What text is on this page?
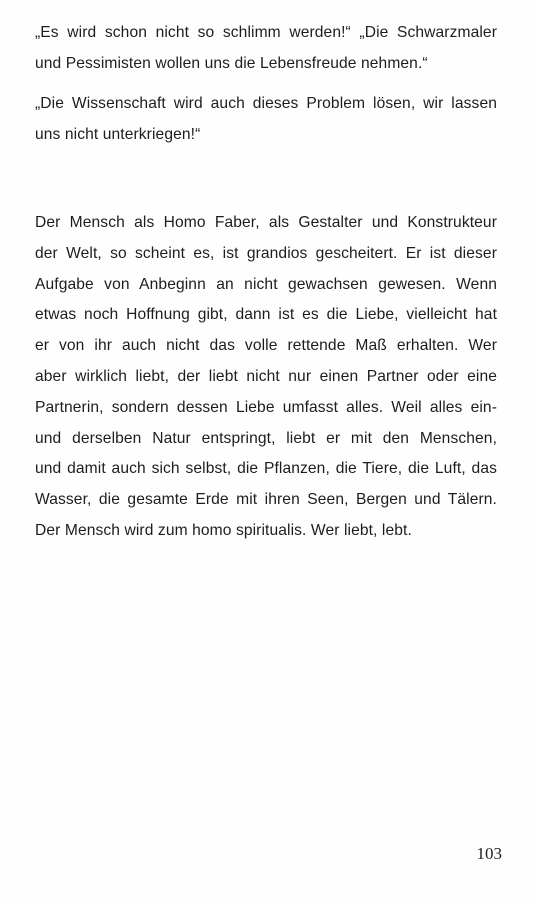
„Es wird schon nicht so schlimm werden!“ „Die Schwarzmaler
und Pessimisten wollen uns die Lebensfreude nehmen.“
„Die Wissenschaft wird auch dieses Problem lösen, wir lassen
uns nicht unterkriegen!“
Der Mensch als Homo Faber, als Gestalter und Konstrukteur
der Welt, so scheint es, ist grandios gescheitert. Er ist dieser
Aufgabe von Anbeginn an nicht gewachsen gewesen. Wenn
etwas noch Hoffnung gibt, dann ist es die Liebe, vielleicht hat
er von ihr auch nicht das volle rettende Maß erhalten. Wer
aber wirklich liebt, der liebt nicht nur einen Partner oder eine
Partnerin, sondern dessen Liebe umfasst alles. Weil alles ein-
und derselben Natur entspringt, liebt er mit den Menschen,
und damit auch sich selbst, die Pflanzen, die Tiere, die Luft, das
Wasser, die gesamte Erde mit ihren Seen, Bergen und Tälern.
Der Mensch wird zum homo spiritualis. Wer liebt, lebt.
103
